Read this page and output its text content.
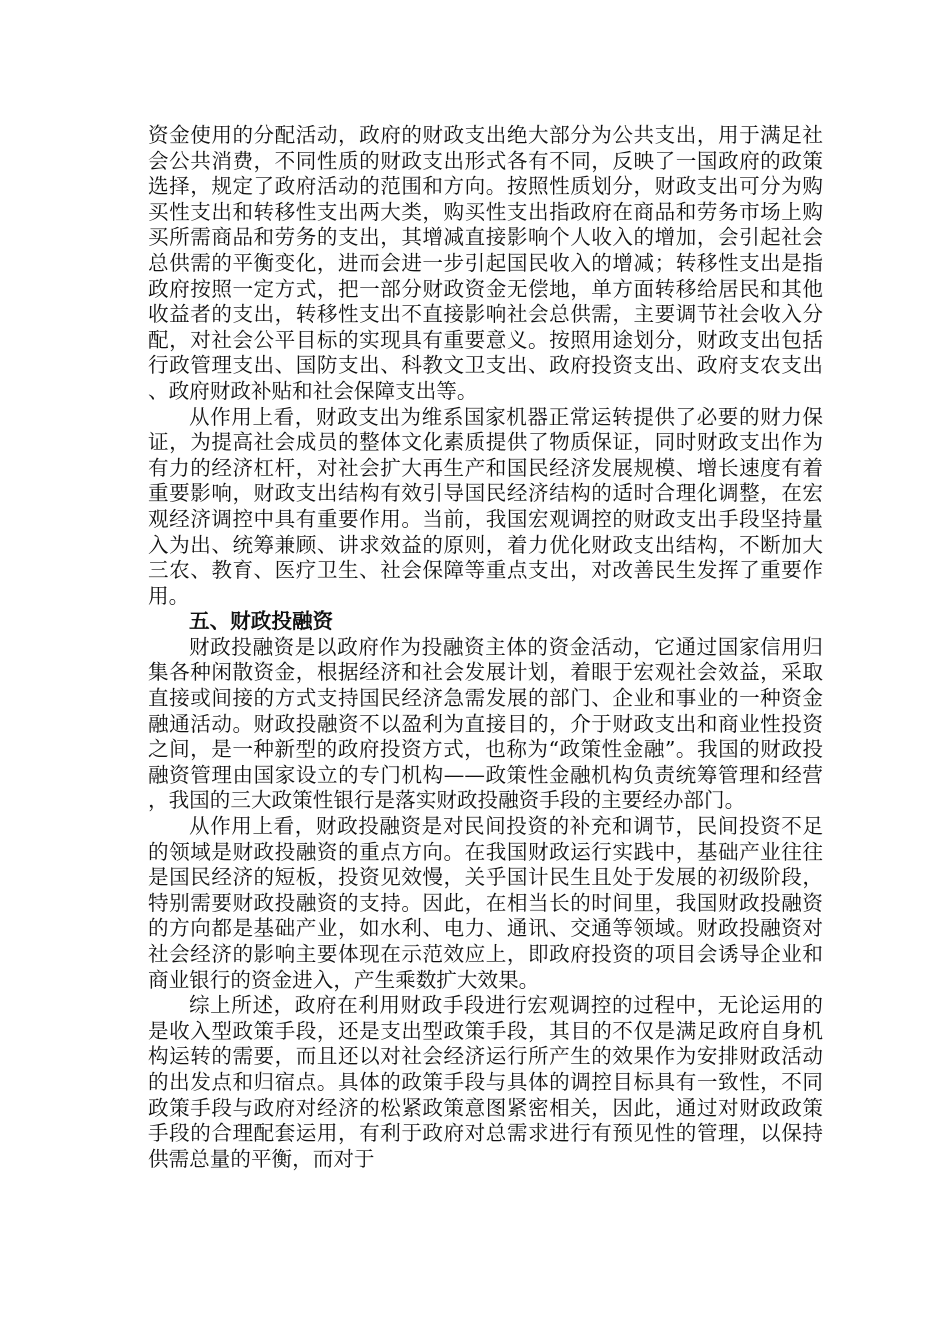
资金使用的分配活动，政府的财政支出绝大部分为公共支出，用于满足社会公共消费，不同性质的财政支出形式各有不同，反映了一国政府的政策选择，规定了政府活动的范围和方向。按照性质划分，财政支出可分为购买性支出和转移性支出两大类，购买性支出指政府在商品和劳务市场上购买所需商品和劳务的支出，其增减直接影响个人收入的增加，会引起社会总供需的平衡变化，进而会进一步引起国民收入的增减；转移性支出是指政府按照一定方式，把一部分财政资金无偿地，单方面转移给居民和其他收益者的支出，转移性支出不直接影响社会总供需，主要调节社会收入分配，对社会公平目标的实现具有重要意义。按照用途划分，财政支出包括行政管理支出、国防支出、科教文卫支出、政府投资支出、政府支农支出、政府财政补贴和社会保障支出等。

从作用上看，财政支出为维系国家机器正常运转提供了必要的财力保证，为提高社会成员的整体文化素质提供了物质保证，同时财政支出作为有力的经济杠杆，对社会扩大再生产和国民经济发展规模、增长速度有着重要影响，财政支出结构有效引导国民经济结构的适时合理化调整，在宏观经济调控中具有重要作用。当前，我国宏观调控的财政支出手段坚持量入为出、统筹兼顾、讲求效益的原则，着力优化财政支出结构，不断加大三农、教育、医疗卫生、社会保障等重点支出，对改善民生发挥了重要作用。

五、财政投融资

财政投融资是以政府作为投融资主体的资金活动，它通过国家信用归集各种闲散资金，根据经济和社会发展计划，着眼于宏观社会效益，采取直接或间接的方式支持国民经济急需发展的部门、企业和事业的一种资金融通活动。财政投融资不以盈利为直接目的，介于财政支出和商业性投资之间，是一种新型的政府投资方式，也称为“政策性金融”。我国的财政投融资管理由国家设立的专门机构——政策性金融机构负责统筹管理和经营，我国的三大政策性银行是落实财政投融资手段的主要经办部门。

从作用上看，财政投融资是对民间投资的补充和调节，民间投资不足的领域是财政投融资的重点方向。在我国财政运行实践中，基础产业往往是国民经济的短板，投资见效慢，关乎国计民生且处于发展的初级阶段，特别需要财政投融资的支持。因此，在相当长的时间里，我国财政投融资的方向都是基础产业，如水利、电力、通讯、交通等领域。财政投融资对社会经济的影响主要体现在示范效应上，即政府投资的项目会诱导企业和商业银行的资金进入，产生乘数扩大效果。

综上所述，政府在利用财政手段进行宏观调控的过程中，无论运用的是收入型政策手段，还是支出型政策手段，其目的不仅是满足政府自身机构运转的需要，而且还以对社会经济运行所产生的效果作为安排财政活动的出发点和归宿点。具体的政策手段与具体的调控目标具有一致性，不同政策手段与政府对经济的松紧政策意图紧密相关，因此，通过对财政政策手段的合理配套运用，有利于政府对总需求进行有预见性的管理，以保持供需总量的平衡，而对于
